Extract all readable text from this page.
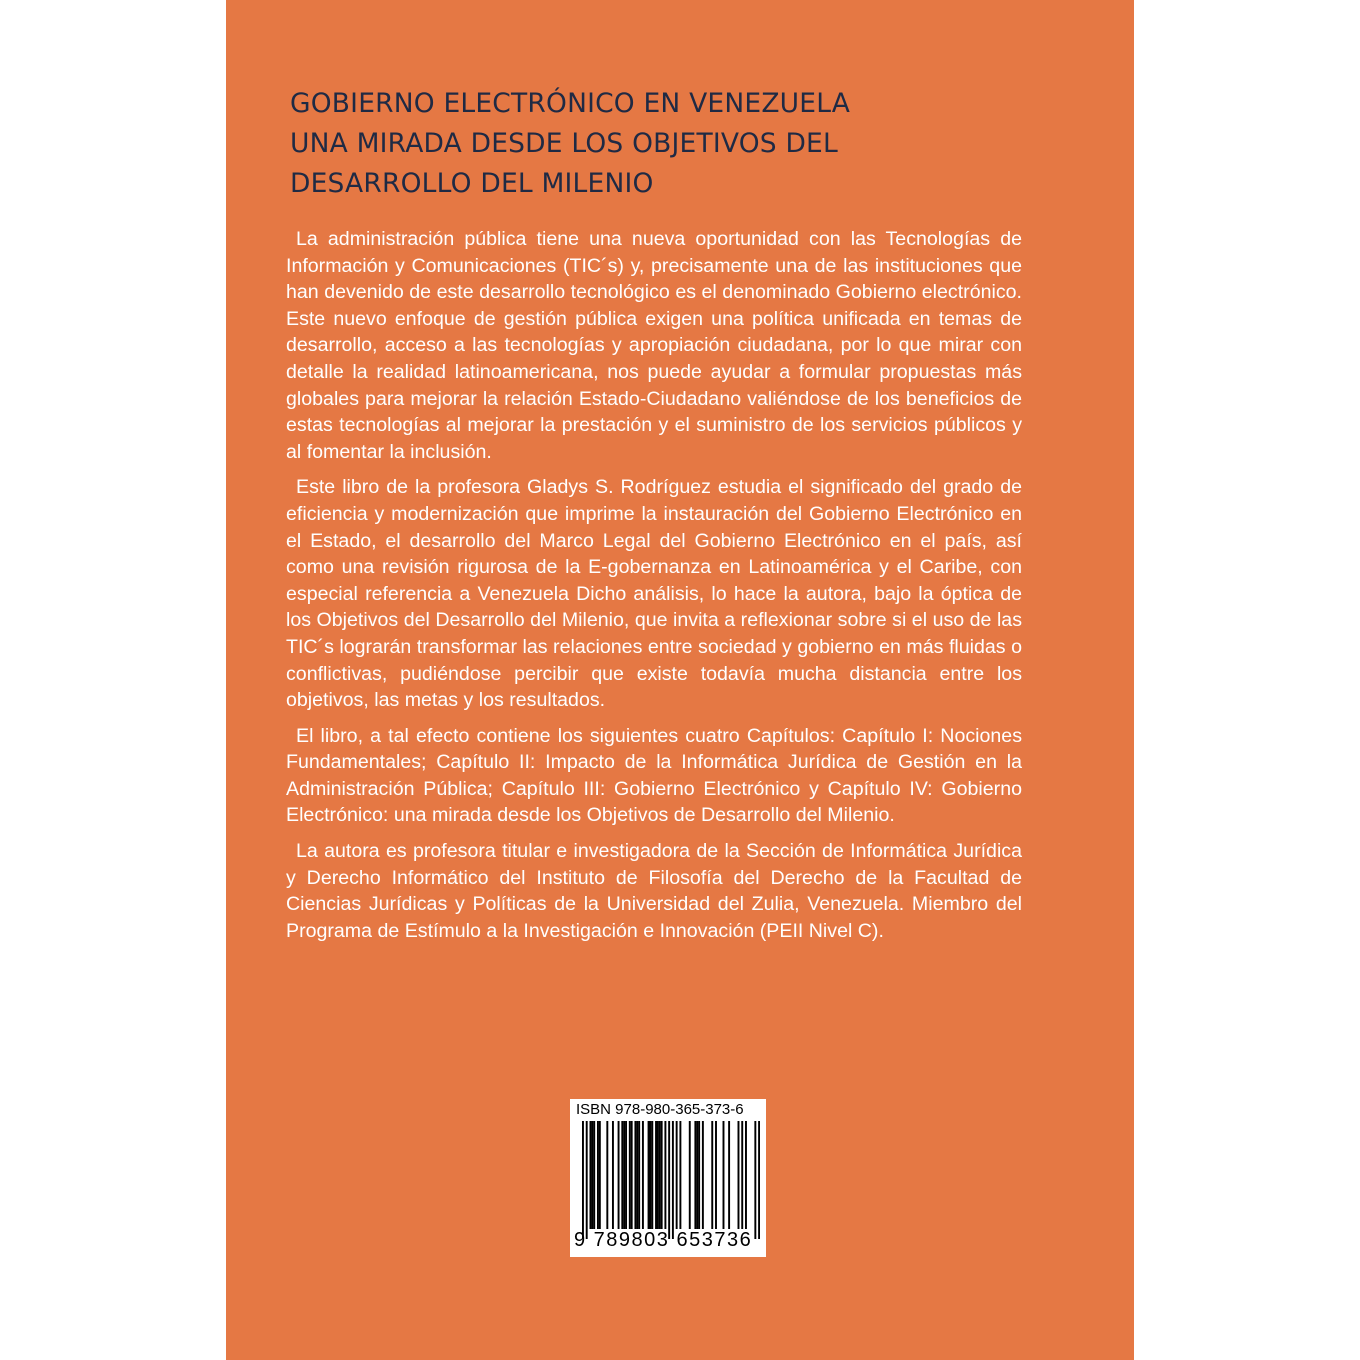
GOBIERNO ELECTRÓNICO EN VENEZUELA
UNA MIRADA DESDE LOS OBJETIVOS DEL
DESARROLLO DEL MILENIO

La administración pública tiene una nueva oportunidad con las Tecnologías de Información y Comunicaciones (TIC´s) y, precisamente una de las instituciones que han devenido de este desarrollo tecnológico es el denominado Gobierno electrónico. Este nuevo enfoque de gestión pública exigen una política unificada en temas de desarrollo, acceso a las tecnologías y apropiación ciudadana, por lo que mirar con detalle la realidad latinoamericana, nos puede ayudar a formular propuestas más globales para mejorar la relación Estado-Ciudadano valiéndose de los beneficios de estas tecnologías al mejorar la prestación y el suministro de los servicios públicos y al fomentar la inclusión.

Este libro de la profesora Gladys S. Rodríguez estudia el significado del grado de eficiencia y modernización que imprime la instauración del Gobierno Electrónico en el Estado, el desarrollo del Marco Legal del Gobierno Electrónico en el país, así como una revisión rigurosa de la E-gobernanza en Latinoamérica y el Caribe, con especial referencia a Venezuela Dicho análisis, lo hace la autora, bajo la óptica de los Objetivos del Desarrollo del Milenio, que invita a reflexionar sobre si el uso de las TIC´s lograrán transformar las relaciones entre sociedad y gobierno en más fluidas o conflictivas, pudiéndose percibir que existe todavía mucha distancia entre los objetivos, las metas y los resultados.

El libro, a tal efecto contiene los siguientes cuatro Capítulos: Capítulo I: Nociones Fundamentales; Capítulo II: Impacto de la Informática Jurídica de Gestión en la Administración Pública; Capítulo III: Gobierno Electrónico y Capítulo IV: Gobierno Electrónico: una mirada desde los Objetivos de Desarrollo del Milenio.

La autora es profesora titular e investigadora de la Sección de Informática Jurídica y Derecho Informático del Instituto de Filosofía del Derecho de la Facultad de Ciencias Jurídicas y Políticas de la Universidad del Zulia, Venezuela. Miembro del Programa de Estímulo a la Investigación e Innovación (PEII Nivel C).

ISBN 978-980-365-373-6
9 789803 653736
